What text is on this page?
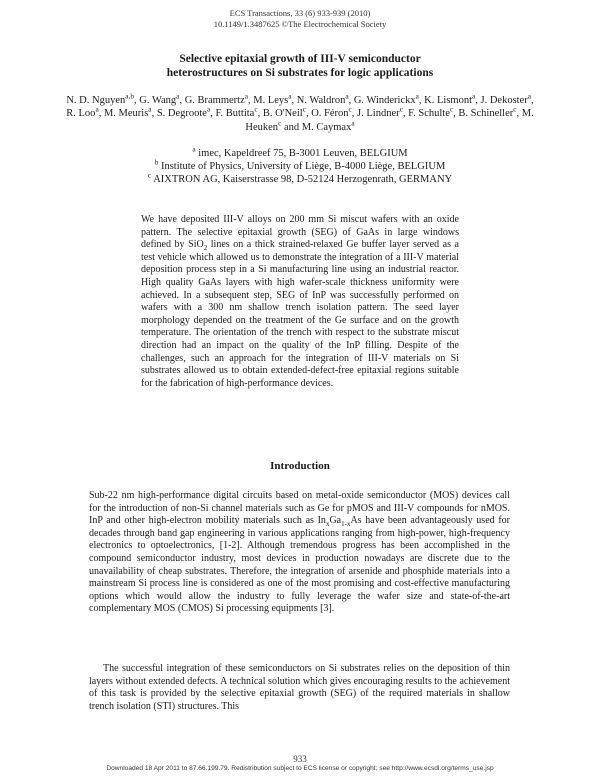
ECS Transactions, 33 (6) 933-939 (2010)
10.1149/1.3487625 ©The Electrochemical Society
Selective epitaxial growth of III-V semiconductor
heterostructures on Si substrates for logic applications
N. D. Nguyen$^{a,b}$, G. Wang$^a$, G. Brammertz$^a$, M. Leys$^a$, N. Waldron$^a$, G. Winderickx$^a$, K. Lismont$^a$, J. Dekoster$^a$, R. Loo$^a$, M. Meuris$^a$, S. Degroote$^a$, F. Buttita$^c$, B. O'Neil$^c$, O. Féron$^c$, J. Lindner$^c$, F. Schulte$^c$, B. Schineller$^c$, M. Heuken$^c$ and M. Caymax$^a$
$^a$ imec, Kapeldreef 75, B-3001 Leuven, BELGIUM
$^b$ Institute of Physics, University of Liège, B-4000 Liège, BELGIUM
$^c$ AIXTRON AG, Kaiserstrasse 98, D-52124 Herzogenrath, GERMANY
We have deposited III-V alloys on 200 mm Si miscut wafers with an oxide pattern. The selective epitaxial growth (SEG) of GaAs in large windows defined by SiO$_2$ lines on a thick strained-relaxed Ge buffer layer served as a test vehicle which allowed us to demonstrate the integration of a III-V material deposition process step in a Si manufacturing line using an industrial reactor. High quality GaAs layers with high wafer-scale thickness uniformity were achieved. In a subsequent step, SEG of InP was successfully performed on wafers with a 300 nm shallow trench isolation pattern. The seed layer morphology depended on the treatment of the Ge surface and on the growth temperature. The orientation of the trench with respect to the substrate miscut direction had an impact on the quality of the InP filling. Despite of the challenges, such an approach for the integration of III-V materials on Si substrates allowed us to obtain extended-defect-free epitaxial regions suitable for the fabrication of high-performance devices.
Introduction
Sub-22 nm high-performance digital circuits based on metal-oxide semiconductor (MOS) devices call for the introduction of non-Si channel materials such as Ge for pMOS and III-V compounds for nMOS. InP and other high-electron mobility materials such as $In_xGa_{1-x}As$ have been advantageously used for decades through band gap engineering in various applications ranging from high-power, high-frequency electronics to optoelectronics, [1-2]. Although tremendous progress has been accomplished in the compound semiconductor industry, most devices in production nowadays are discrete due to the unavailability of cheap substrates. Therefore, the integration of arsenide and phosphide materials into a mainstream Si process line is considered as one of the most promising and cost-effective manufacturing options which would allow the industry to fully leverage the wafer size and state-of-the-art complementary MOS (CMOS) Si processing equipments [3].
The successful integration of these semiconductors on Si substrates relies on the deposition of thin layers without extended defects. A technical solution which gives encouraging results to the achievement of this task is provided by the selective epitaxial growth (SEG) of the required materials in shallow trench isolation (STI) structures. This
933
Downloaded 18 Apr 2011 to 87.66.199.79. Redistribution subject to ECS license or copyright; see http://www.ecsdl.org/terms_use.jsp
